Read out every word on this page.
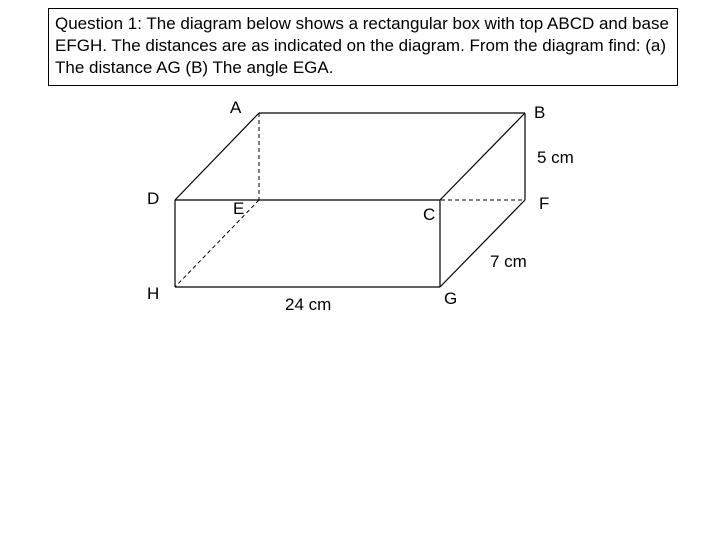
Question 1: The diagram below shows a rectangular box with top ABCD and base EFGH. The distances are as indicated on the diagram. From the diagram find: (a) The distance AG (B) The angle EGA.

A	B
D
E	C
F
H	G
5 cm
7 cm
24 cm
